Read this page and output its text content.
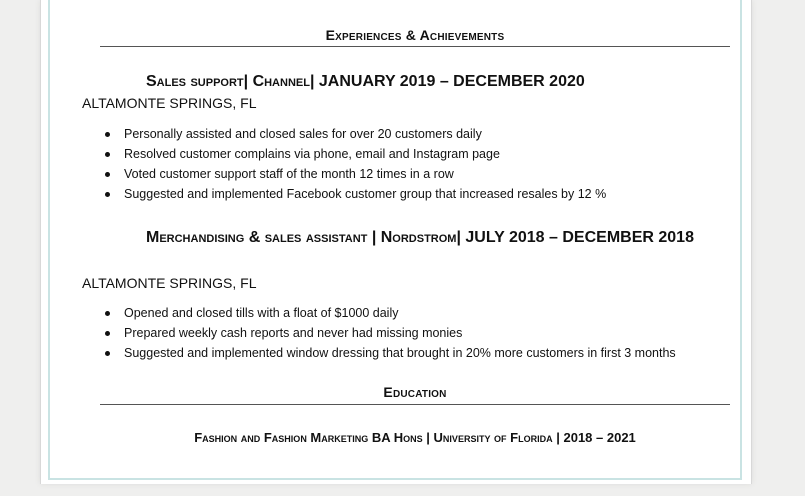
Experiences & Achievements
Sales support| Channel| JANUARY 2019 – DECEMBER 2020
ALTAMONTE SPRINGS, FL
Personally assisted and closed sales for over 20 customers daily
Resolved customer complains via phone, email and Instagram page
Voted customer support staff of the month 12 times in a row
Suggested and implemented Facebook customer group that increased resales by 12 %
Merchandising & sales assistant | Nordstrom| JULY 2018 – DECEMBER 2018
ALTAMONTE SPRINGS, FL
Opened and closed tills with a float of $1000 daily
Prepared weekly cash reports and never had missing monies
Suggested and implemented window dressing that brought in 20% more customers in first 3 months
Education
Fashion and Fashion Marketing BA Hons | University of Florida | 2018 – 2021
